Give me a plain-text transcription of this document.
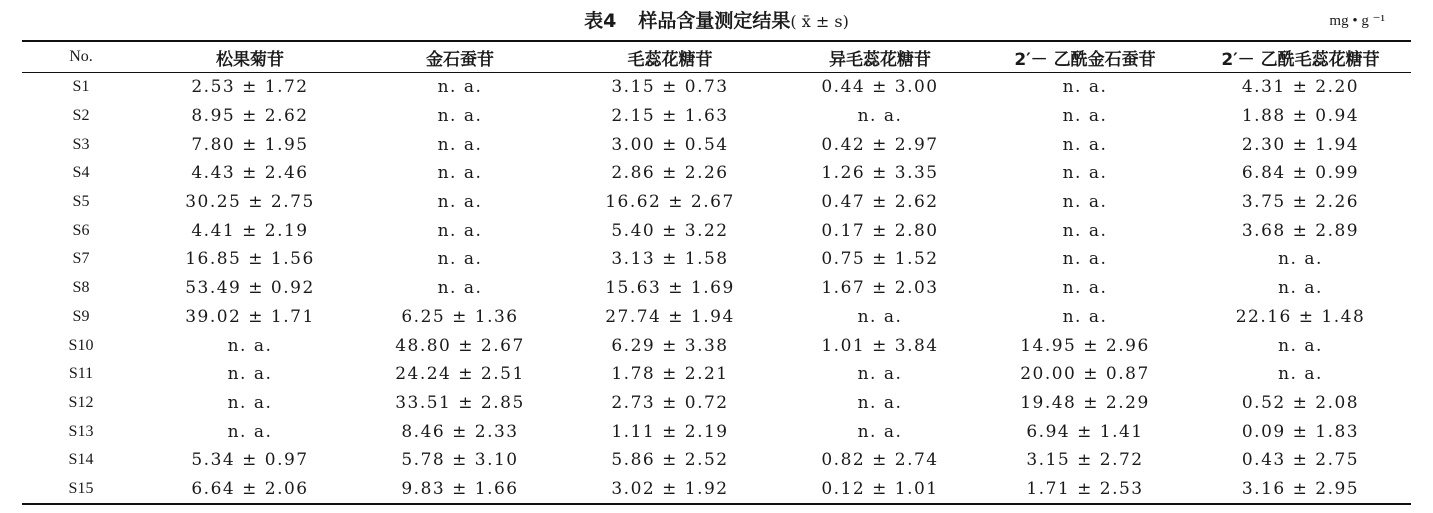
表4 样品含量测定结果( x̄ ± s)	mg • g ⁻¹
No.	松果菊苷	金石蚕苷	毛蕊花糖苷	异毛蕊花糖苷	2′－ 乙酰金石蚕苷	2′－ 乙酰毛蕊花糖苷
S1	2.53 ± 1.72	n. a.	3.15 ± 0.73	0.44 ± 3.00	n. a.	4.31 ± 2.20
S2	8.95 ± 2.62	n. a.	2.15 ± 1.63	n. a.	n. a.	1.88 ± 0.94
S3	7.80 ± 1.95	n. a.	3.00 ± 0.54	0.42 ± 2.97	n. a.	2.30 ± 1.94
S4	4.43 ± 2.46	n. a.	2.86 ± 2.26	1.26 ± 3.35	n. a.	6.84 ± 0.99
S5	30.25 ± 2.75	n. a.	16.62 ± 2.67	0.47 ± 2.62	n. a.	3.75 ± 2.26
S6	4.41 ± 2.19	n. a.	5.40 ± 3.22	0.17 ± 2.80	n. a.	3.68 ± 2.89
S7	16.85 ± 1.56	n. a.	3.13 ± 1.58	0.75 ± 1.52	n. a.	n. a.
S8	53.49 ± 0.92	n. a.	15.63 ± 1.69	1.67 ± 2.03	n. a.	n. a.
S9	39.02 ± 1.71	6.25 ± 1.36	27.74 ± 1.94	n. a.	n. a.	22.16 ± 1.48
S10	n. a.	48.80 ± 2.67	6.29 ± 3.38	1.01 ± 3.84	14.95 ± 2.96	n. a.
S11	n. a.	24.24 ± 2.51	1.78 ± 2.21	n. a.	20.00 ± 0.87	n. a.
S12	n. a.	33.51 ± 2.85	2.73 ± 0.72	n. a.	19.48 ± 2.29	0.52 ± 2.08
S13	n. a.	8.46 ± 2.33	1.11 ± 2.19	n. a.	6.94 ± 1.41	0.09 ± 1.83
S14	5.34 ± 0.97	5.78 ± 3.10	5.86 ± 2.52	0.82 ± 2.74	3.15 ± 2.72	0.43 ± 2.75
S15	6.64 ± 2.06	9.83 ± 1.66	3.02 ± 1.92	0.12 ± 1.01	1.71 ± 2.53	3.16 ± 2.95
